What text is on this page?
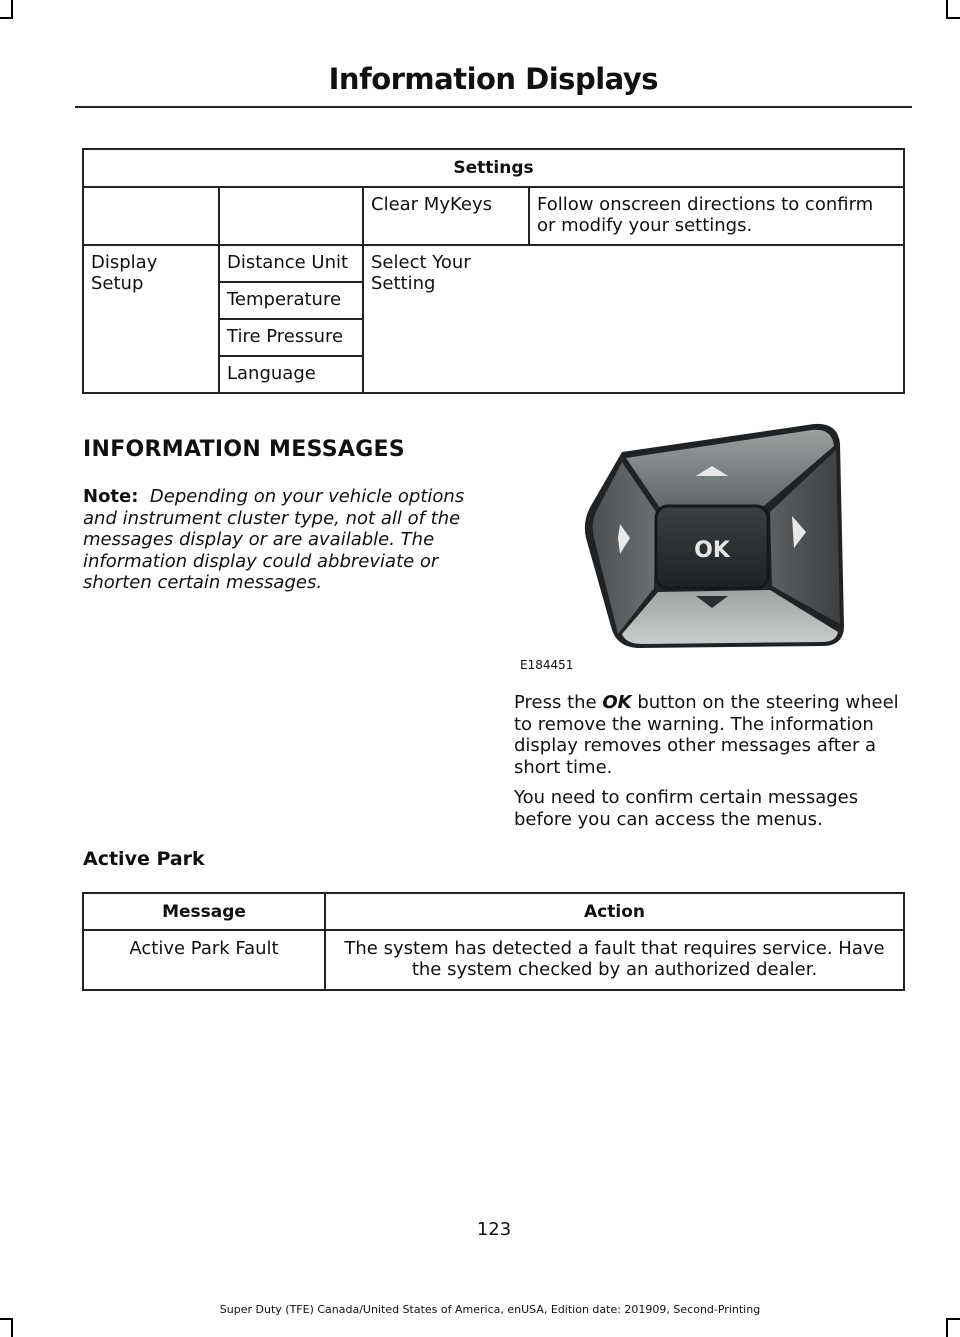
Information Displays
Settings			
		Clear MyKeys	Follow onscreen directions to confirm or modify your settings.
Display Setup	Distance Unit	Select Your Setting	
	Temperature		
	Tire Pressure		
	Language		
INFORMATION MESSAGES

Note: Depending on your vehicle options and instrument cluster type, not all of the messages display or are available. The information display could abbreviate or shorten certain messages.

OK
E184451

Press the OK button on the steering wheel to remove the warning. The information display removes other messages after a short time.

You need to confirm certain messages before you can access the menus.

Active Park
Message	Action
Active Park Fault	The system has detected a fault that requires service. Have the system checked by an authorized dealer.
123
Super Duty (TFE) Canada/United States of America, enUSA, Edition date: 201909, Second-Printing
